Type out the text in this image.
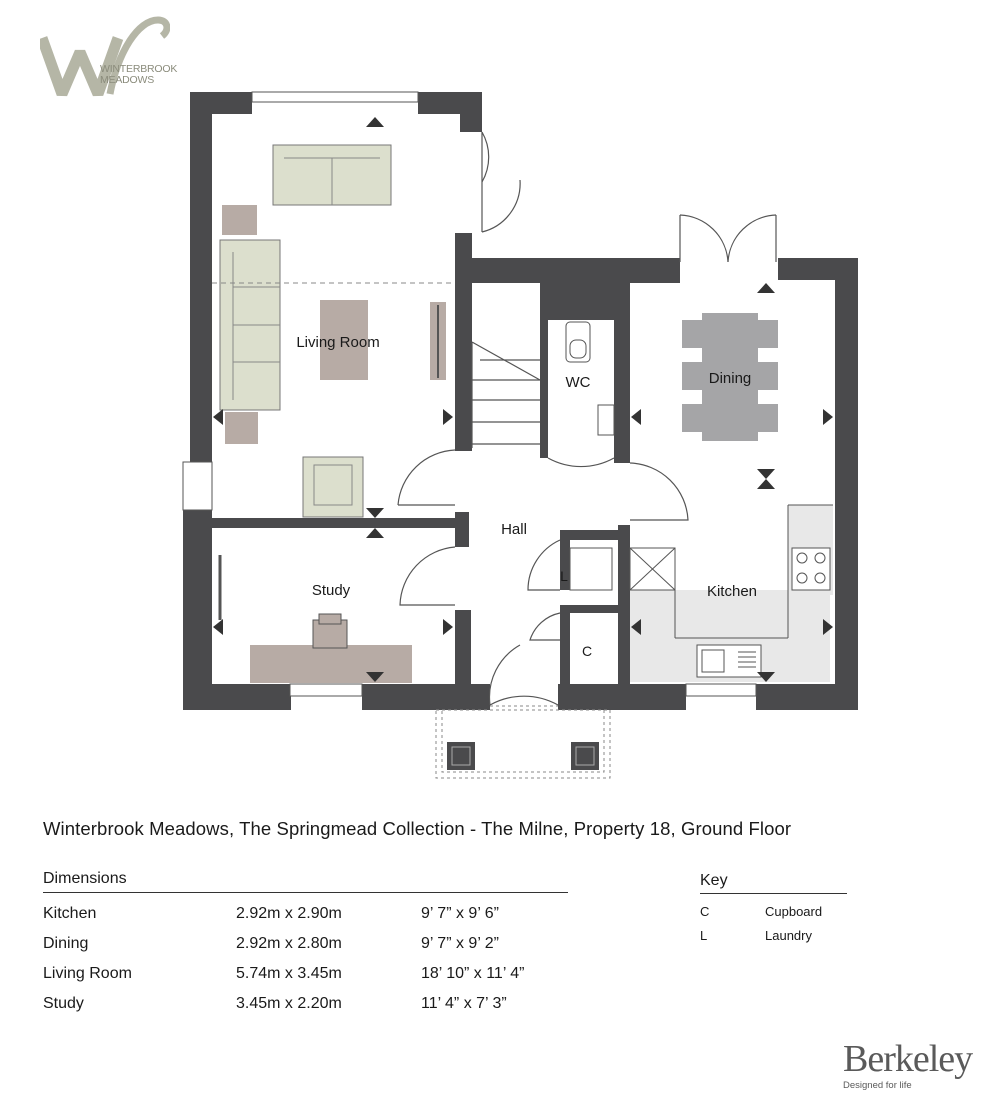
WINTERBROOK
MEADOWS
Living Room
WC	Dining
Hall
Study	Kitchen
L
C
Winterbrook Meadows, The Springmead Collection - The Milne, Property 18, Ground Floor
Dimensions
Kitchen	2.92m x 2.90m	9’ 7” x 9’ 6”
Dining	2.92m x 2.80m	9’ 7” x 9’ 2”
Living Room	5.74m x 3.45m	18’ 10” x 11’ 4”
Study	3.45m x 2.20m	11’ 4” x 7’ 3”
Key
C	Cupboard
L	Laundry
Berkeley
Designed for life
